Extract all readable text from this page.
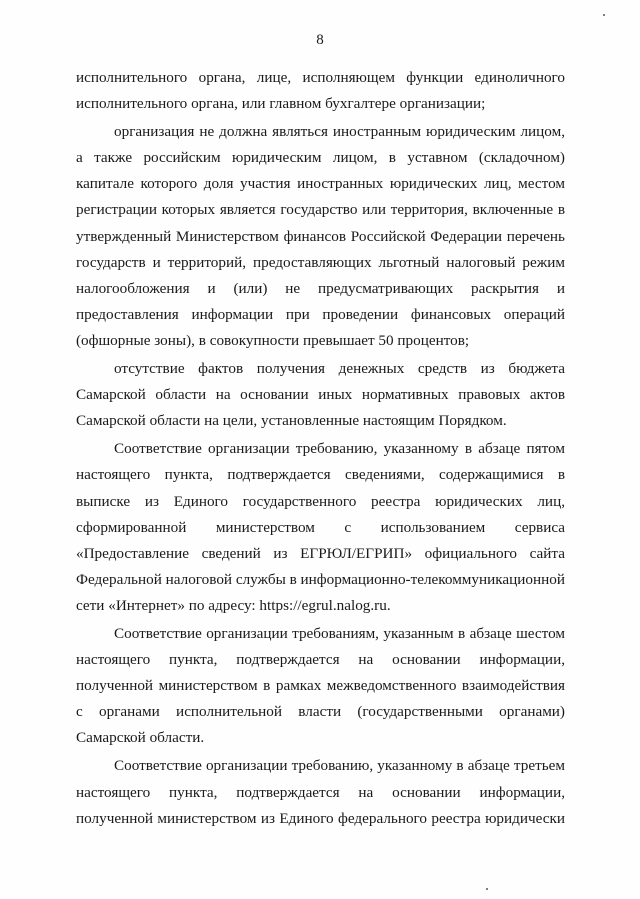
8
исполнительного органа, лице, исполняющем функции единоличного
исполнительного органа, или главном бухгалтере организации;
организация не должна являться иностранным юридическим лицом,
а также российским юридическим лицом, в уставном (складочном)
капитале которого доля участия иностранных юридических лиц, местом
регистрации которых является государство или территория, включенные в
утвержденный Министерством финансов Российской Федерации перечень
государств и территорий, предоставляющих льготный налоговый режим
налогообложения и (или) не предусматривающих раскрытия и
предоставления информации при проведении финансовых операций
(офшорные зоны), в совокупности превышает 50 процентов;
отсутствие фактов получения денежных средств из бюджета
Самарской области на основании иных нормативных правовых актов
Самарской области на цели, установленные настоящим Порядком.
Соответствие организации требованию, указанному в абзаце пятом
настоящего пункта, подтверждается сведениями, содержащимися в
выписке из Единого государственного реестра юридических лиц,
сформированной министерством с использованием сервиса
«Предоставление сведений из ЕГРЮЛ/ЕГРИП» официального сайта
Федеральной налоговой службы в информационно-телекоммуникационной
сети «Интернет» по адресу: https://egrul.nalog.ru.
Соответствие организации требованиям, указанным в абзаце шестом
настоящего пункта, подтверждается на основании информации,
полученной министерством в рамках межведомственного взаимодействия
с органами исполнительной власти (государственными органами)
Самарской области.
Соответствие организации требованию, указанному в абзаце третьем
настоящего пункта, подтверждается на основании информации,
полученной министерством из Единого федерального реестра юридически
